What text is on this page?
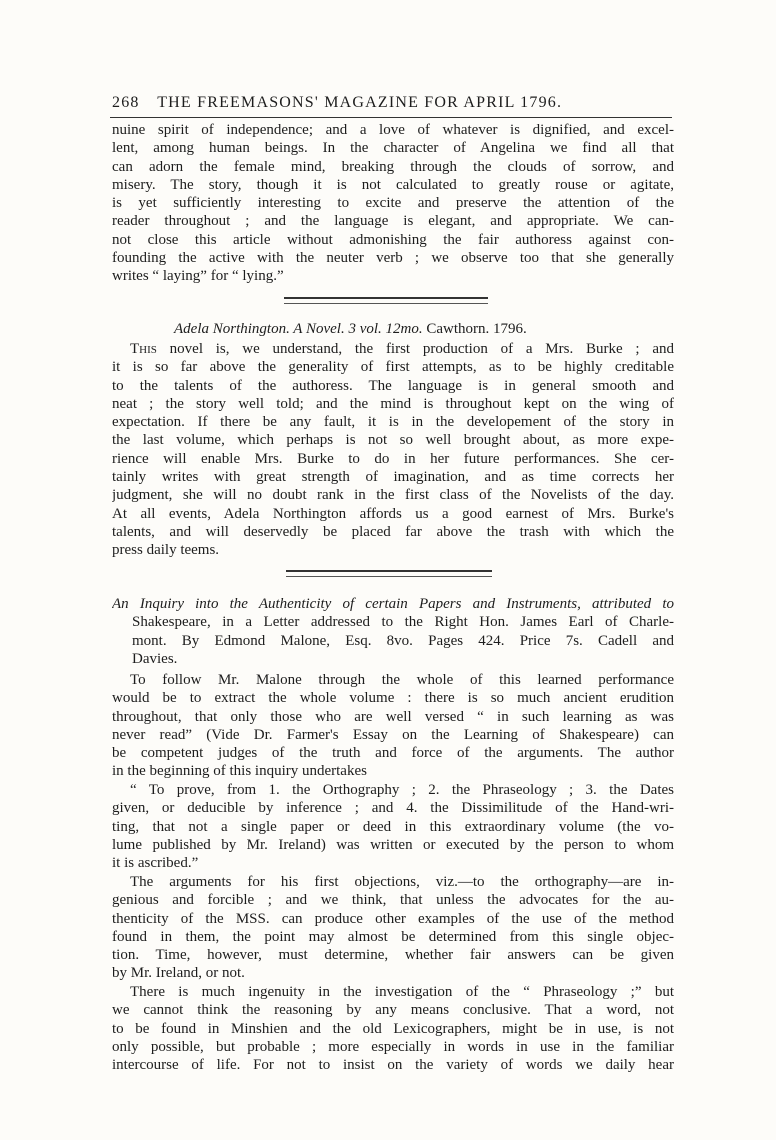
268 THE FREEMASONS' MAGAZINE FOR APRIL 1796.
nuine spirit of independence; and a love of whatever is dignified, and excel-
lent, among human beings. In the character of Angelina we find all that
can adorn the female mind, breaking through the clouds of sorrow, and
misery. The story, though it is not calculated to greatly rouse or agitate,
is yet sufficiently interesting to excite and preserve the attention of the
reader throughout ; and the language is elegant, and appropriate. We can-
not close this article without admonishing the fair authoress against con-
founding the active with the neuter verb ; we observe too that she generally
writes “ laying” for “ lying.”
Adela Northington. A Novel. 3 vol. 12mo. Cawthorn. 1796.
This novel is, we understand, the first production of a Mrs. Burke ; and
it is so far above the generality of first attempts, as to be highly creditable
to the talents of the authoress. The language is in general smooth and
neat ; the story well told; and the mind is throughout kept on the wing of
expectation. If there be any fault, it is in the developement of the story in
the last volume, which perhaps is not so well brought about, as more expe-
rience will enable Mrs. Burke to do in her future performances. She cer-
tainly writes with great strength of imagination, and as time corrects her
judgment, she will no doubt rank in the first class of the Novelists of the day.
At all events, Adela Northington affords us a good earnest of Mrs. Burke's
talents, and will deservedly be placed far above the trash with which the
press daily teems.
An Inquiry into the Authenticity of certain Papers and Instruments, attributed to
Shakespeare, in a Letter addressed to the Right Hon. James Earl of Charle-
mont. By Edmond Malone, Esq. 8vo. Pages 424. Price 7s. Cadell and
Davies.
To follow Mr. Malone through the whole of this learned performance
would be to extract the whole volume : there is so much ancient erudition
throughout, that only those who are well versed “ in such learning as was
never read” (Vide Dr. Farmer's Essay on the Learning of Shakespeare) can
be competent judges of the truth and force of the arguments. The author
in the beginning of this inquiry undertakes
“ To prove, from 1. the Orthography ; 2. the Phraseology ; 3. the Dates
given, or deducible by inference ; and 4. the Dissimilitude of the Hand-wri-
ting, that not a single paper or deed in this extraordinary volume (the vo-
lume published by Mr. Ireland) was written or executed by the person to whom
it is ascribed.”
The arguments for his first objections, viz.—to the orthography—are in-
genious and forcible ; and we think, that unless the advocates for the au-
thenticity of the MSS. can produce other examples of the use of the method
found in them, the point may almost be determined from this single objec-
tion. Time, however, must determine, whether fair answers can be given
by Mr. Ireland, or not.
There is much ingenuity in the investigation of the “ Phraseology ;” but
we cannot think the reasoning by any means conclusive. That a word, not
to be found in Minshien and the old Lexicographers, might be in use, is not
only possible, but probable ; more especially in words in use in the familiar
intercourse of life. For not to insist on the variety of words we daily hear
